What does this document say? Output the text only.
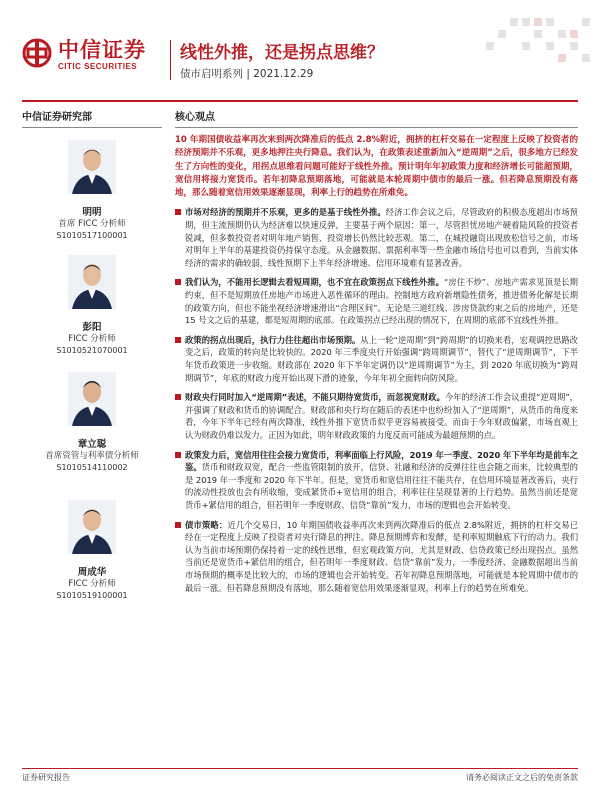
中信证券
CITIC SECURITIES
线性外推，还是拐点思维？
债市启明系列 | 2021.12.29
中信证券研究部
明明
首席 FICC 分析师
S1010517100001
彭阳
FICC 分析师
S1010521070001
章立聪
首席资管与利率债分析师
S1010514110002
周成华
FICC 分析师
S1010519100001
核心观点
10 年期国债收益率再次来到两次降准后的低点 2.8%附近，拥挤的杠杆交易在一定程度上反映了投资者的经济预期并不乐观，更多地押注央行降息。我们认为，在政策表述重新加入“逆周期”之后，很多地方已经发生了方向性的变化，用拐点思维看问题可能好于线性外推。预计明年年初政策力度和经济增长可能超预期，宽信用将接力宽货币。若年初降息预期落地，可能就是本轮周期中债市的最后一涨。但若降息预期没有落地，那么随着宽信用效果逐渐显现，利率上行的趋势在所难免。
市场对经济的预期并不乐观，更多的是基于线性外推。经济工作会议之后，尽管政府的积极态度超出市场预期，但主流预期仍认为经济难以快速反弹，主要基于两个原因：第一，尽管担忧房地产硬着陆风险的投资者锐减，但多数投资者对明年地产销售、投资增长仍然比较悲观。第二，在城投融资出现放松信号之前，市场对明年上半年的基建投资仍持保守态度。从金融数据、票据利率等一些金融市场信号也可以看到，当前实体经济的需求的确较弱，线性预期下上半年经济增速、信用环境难有显著改善。
我们认为，不能用长逻辑去看短周期，也不宜在政策拐点下线性外推。“房住不炒”、房地产需求见顶是长期约束，但不是短期放任房地产市场进入恶性循环的理由。控制地方政府新增隐性债务，推进债务化解是长期的政策方向，但也不能坐视经济增速滑出“合理区间”。无论是三道红线、涉房贷款约束之后的房地产，还是 15 号文之后的基建，都是短周期的底部。在政策拐点已经出现的情况下，在周期的底部不宜线性外推。
政策的拐点出现后，执行力往往超出市场预期。从上一轮“逆周期”到“跨周期”的切换来看，宏观调控思路改变之后，政策的转向是比较快的。2020 年三季度央行开始强调“跨周期调节”，替代了“逆周期调节”，下半年货币政策进一步收缩。财政部在 2020 年下半年定调仍以“逆周期调节”为主，到 2020 年底切换为“跨周期调节”，年底的财政力度开始出现下滑的迹象，今年年初全面转向防风险。
财政央行同时加入“逆周期”表述，不能只期待宽货币，而忽视宽财政。今年的经济工作会议重提“逆周期”，并强调了财政和货币的协调配合。财政部和央行均在随后的表述中也纷纷加入了“逆周期”，从货币的角度来看，今年下半年已经有两次降准，线性外推下宽货币似乎更容易被接受。而由于今年财政偏紧，市场直观上认为财政仍难以发力。正因为如此，明年财政政策的力度反而可能成为最超预期的点。
政策发力后，宽信用往往会接力宽货币，利率面临上行风险，2019 年一季度、2020 年下半年均是前车之鉴。货币和财政双宽，配合一些监管限制的放开，信贷、社融和经济的反弹往往也会随之而来，比较典型的是 2019 年一季度和 2020 年下半年。但是，宽货币和宽信用往往不能共存，在信用环境显著改善后，央行的流动性投放也会有所收缩，变成紧货币+宽信用的组合，利率往往呈现显著的上行趋势。虽然当前还是宽货币+紧信用的组合，但若明年一季度财政、信贷“靠前”发力，市场的逻辑也会开始转变。
债市策略：近几个交易日，10 年期国债收益率再次来到两次降准后的低点 2.8%附近，拥挤的杠杆交易已经在一定程度上反映了投资者对央行降息的押注。降息预期博弈和发酵，是利率短期触底下行的动力。我们认为当前市场预期仍保持着一定的线性思维，但宏观政策方向，尤其是财政、信贷政策已经出现拐点。虽然当前还是宽货币+紧信用的组合，但若明年一季度财政、信贷“靠前”发力，一季度经济、金融数据超出当前市场预期的概率是比较大的，市场的逻辑也会开始转变。若年初降息预期落地，可能就是本轮周期中债市的最后一涨。但若降息预期没有落地，那么随着宽信用效果逐渐显现，利率上行的趋势在所难免。
证券研究报告	请务必阅读正文之后的免责条款
